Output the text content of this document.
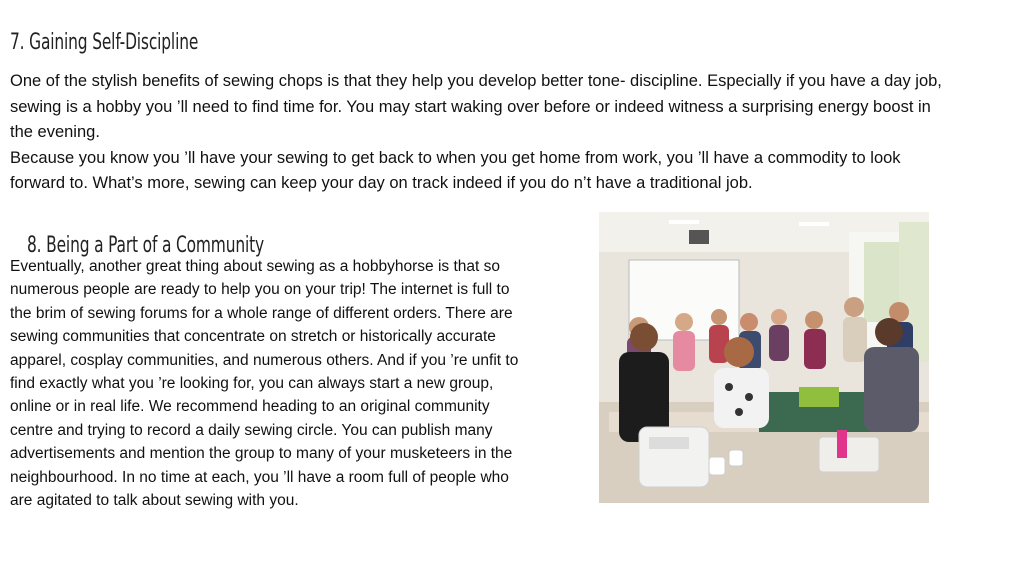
7. Gaining Self-Discipline

One of the stylish benefits of sewing chops is that they help you develop better tone- discipline. Especially if you have a day job, sewing is a hobby you ’ll need to find time for. You may start waking over before or indeed witness a surprising energy boost in the evening.

Because you know you ’ll have your sewing to get back to when you get home from work, you ’ll have a commodity to look forward to. What’s more, sewing can keep your day on track indeed if you do n’t have a traditional job.

8. Being a Part of a Community

Eventually, another great thing about sewing as a hobbyhorse is that so numerous people are ready to help you on your trip! The internet is full to the brim of sewing forums for a whole range of different orders. There are sewing communities that concentrate on stretch or historically accurate apparel, cosplay communities, and numerous others. And if you ’re unfit to find exactly what you ’re looking for, you can always start a new group, online or in real life. We recommend heading to an original community centre and trying to record a daily sewing circle. You can publish many advertisements and mention the group to many of your musketeers in the neighbourhood. In no time at each, you ’ll have a room full of people who are agitated to talk about sewing with you.
